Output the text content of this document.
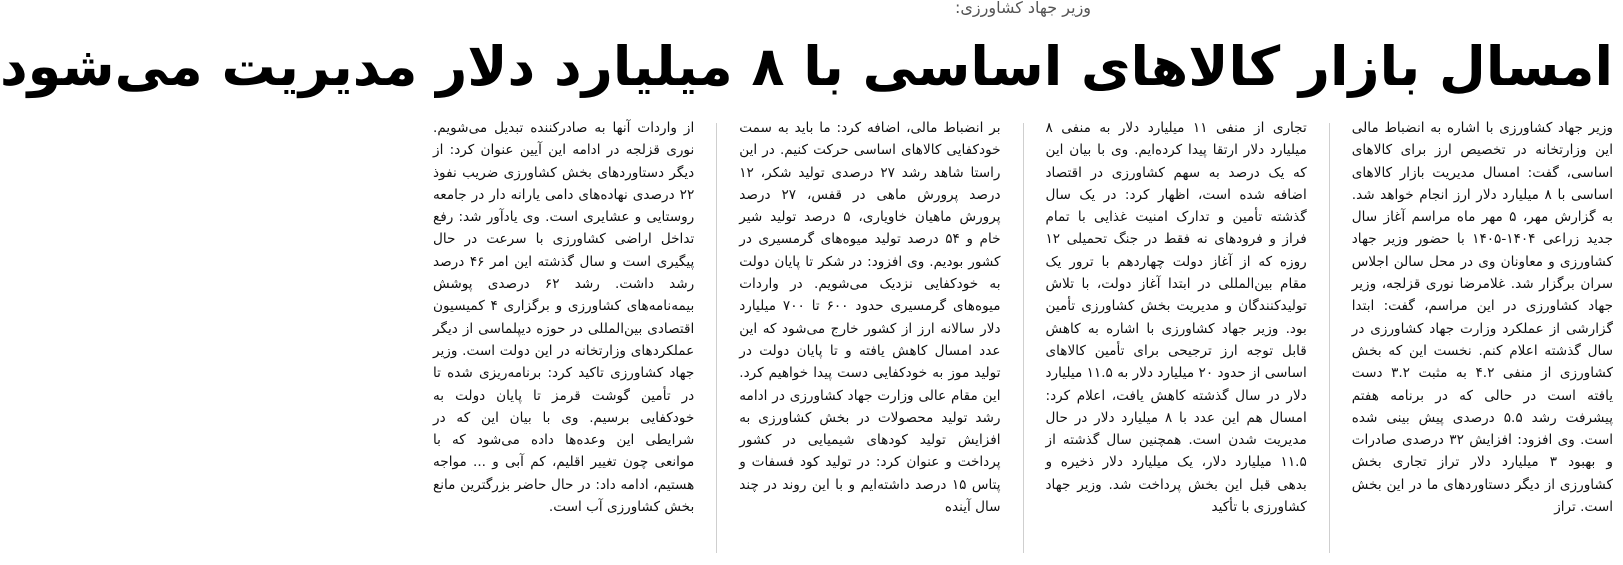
وزیر جهاد کشاورزی:
امسال بازار کالاهای اساسی با ۸ میلیارد دلار مدیریت می‌شود

وزیر جهاد کشاورزی با اشاره به انضباط مالی این وزارتخانه در تخصیص ارز برای کالاهای اساسی، گفت: امسال مدیریت بازار کالاهای اساسی با ۸ میلیارد دلار ارز انجام خواهد شد. به گزارش مهر، ۵ مهر ماه مراسم آغاز سال جدید زراعی ۱۴۰۴-۱۴۰۵ با حضور وزیر جهاد کشاورزی و معاونان وی در محل سالن اجلاس سران برگزار شد. غلامرضا نوری قزلجه، وزیر جهاد کشاورزی در این مراسم، گفت: ابتدا گزارشی از عملکرد وزارت جهاد کشاورزی در سال گذشته اعلام کنم. نخست این که بخش کشاورزی از منفی ۴.۲ به مثبت ۳.۲ دست یافته است در حالی که در برنامه هفتم پیشرفت رشد ۵.۵ درصدی پیش بینی شده است. وی افزود: افزایش ۳۲ درصدی صادرات و بهبود ۳ میلیارد دلار تراز تجاری بخش کشاورزی از دیگر دستاوردهای ما در این بخش است. تراز

تجاری از منفی ۱۱ میلیارد دلار به منفی ۸ میلیارد دلار ارتقا پیدا کرده‌ایم. وی با بیان این که یک درصد به سهم کشاورزی در اقتصاد اضافه شده است، اظهار کرد: در یک سال گذشته تأمین و تدارک امنیت غذایی با تمام فراز و فرودهای نه فقط در جنگ تحمیلی ۱۲ روزه که از آغاز دولت چهاردهم با ترور یک مقام بین‌المللی در ابتدا آغاز دولت، با تلاش تولیدکنندگان و مدیریت بخش کشاورزی تأمین بود. وزیر جهاد کشاورزی با اشاره به کاهش قابل توجه ارز ترجیحی برای تأمین کالاهای اساسی از حدود ۲۰ میلیارد دلار به ۱۱.۵ میلیارد دلار در سال گذشته کاهش یافت، اعلام کرد: امسال هم این عدد با ۸ میلیارد دلار در حال مدیریت شدن است. همچنین سال گذشته از ۱۱.۵ میلیارد دلار، یک میلیارد دلار ذخیره و بدهی قبل این بخش پرداخت شد. وزیر جهاد کشاورزی با تأکید

بر انضباط مالی، اضافه کرد: ما باید به سمت خودکفایی کالاهای اساسی حرکت کنیم. در این راستا شاهد رشد ۲۷ درصدی تولید شکر، ۱۲ درصد پرورش ماهی در قفس، ۲۷ درصد پرورش ماهیان خاویاری، ۵ درصد تولید شیر خام و ۵۴ درصد تولید میوه‌های گرمسیری در کشور بودیم. وی افزود: در شکر تا پایان دولت به خودکفایی نزدیک می‌شویم. در واردات میوه‌های گرمسیری حدود ۶۰۰ تا ۷۰۰ میلیارد دلار سالانه ارز از کشور خارج می‌شود که این عدد امسال کاهش یافته و تا پایان دولت در تولید موز به خودکفایی دست پیدا خواهیم کرد. این مقام عالی وزارت جهاد کشاورزی در ادامه رشد تولید محصولات در بخش کشاورزی به افزایش تولید کودهای شیمیایی در کشور پرداخت و عنوان کرد: در تولید کود فسفات و پتاس ۱۵ درصد داشته‌ایم و با این روند در چند سال آینده

از واردات آنها به صادرکننده تبدیل می‌شویم. نوری قزلجه در ادامه این آیین عنوان کرد: از دیگر دستاوردهای بخش کشاورزی ضریب نفوذ ۲۲ درصدی نهاده‌های دامی یارانه دار در جامعه روستایی و عشایری است. وی یادآور شد: رفع تداخل اراضی کشاورزی با سرعت در حال پیگیری است و سال گذشته این امر ۴۶ درصد رشد داشت. رشد ۶۲ درصدی پوشش بیمه‌نامه‌های کشاورزی و برگزاری ۴ کمیسیون اقتصادی بین‌المللی در حوزه دیپلماسی از دیگر عملکردهای وزارتخانه در این دولت است. وزیر جهاد کشاورزی تاکید کرد: برنامه‌ریزی شده تا در تأمین گوشت قرمز تا پایان دولت به خودکفایی برسیم. وی با بیان این که در شرایطی این وعده‌ها داده می‌شود که با موانعی چون تغییر اقلیم، کم آبی و ... مواجه هستیم، ادامه داد: در حال حاضر بزرگترین مانع بخش کشاورزی آب است.
